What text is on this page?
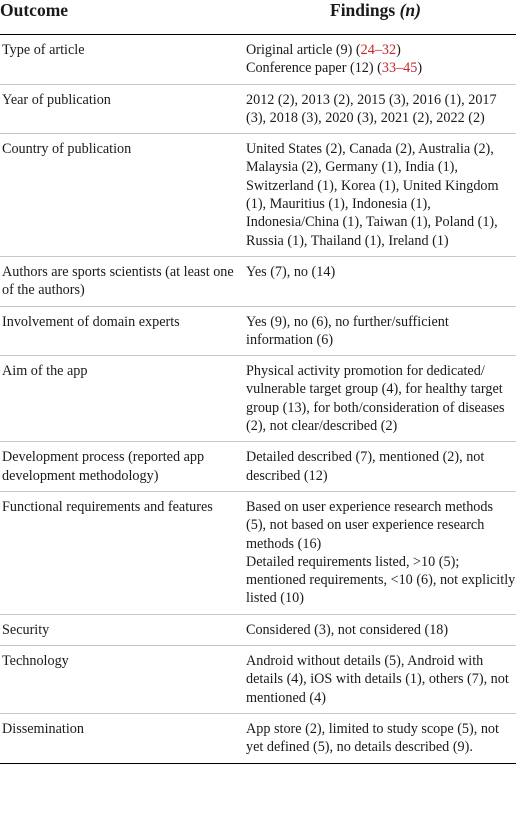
Outcome	Findings (n)
Type of article	Original article (9) (24–32)
Conference paper (12) (33–45)

Year of publication	2012 (2), 2013 (2), 2015 (3), 2016 (1), 2017 (3), 2018 (3), 2020 (3), 2021 (2), 2022 (2)

Country of publication	United States (2), Canada (2), Australia (2), Malaysia (2), Germany (1), India (1), Switzerland (1), Korea (1), United Kingdom (1), Mauritius (1), Indonesia (1), Indonesia/China (1), Taiwan (1), Poland (1), Russia (1), Thailand (1), Ireland (1)

Authors are sports scientists (at least one of the authors)	Yes (7), no (14)

Involvement of domain experts	Yes (9), no (6), no further/sufficient information (6)

Aim of the app	Physical activity promotion for dedicated/ vulnerable target group (4), for healthy target group (13), for both/consideration of diseases (2), not clear/described (2)

Development process (reported app development methodology)	Detailed described (7), mentioned (2), not described (12)

Functional requirements and features	Based on user experience research methods (5), not based on user experience research methods (16)
Detailed requirements listed, >10 (5); mentioned requirements, <10 (6), not explicitly listed (10)

Security	Considered (3), not considered (18)

Technology	Android without details (5), Android with details (4), iOS with details (1), others (7), not mentioned (4)

Dissemination	App store (2), limited to study scope (5), not yet defined (5), no details described (9).
